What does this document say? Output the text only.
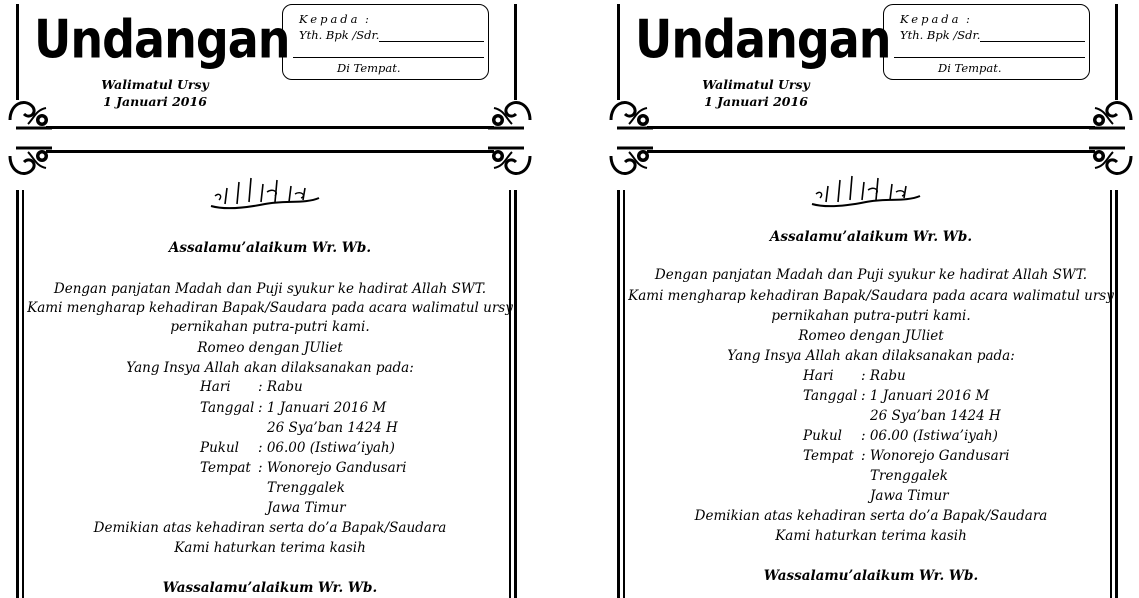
Undangan
Walimatul Ursy
1 Januari 2016
Kepada :
Yth. Bpk /Sdr.
Di Tempat.
Assalamu’alaikum Wr. Wb.
Dengan panjatan Madah dan Puji syukur ke hadirat Allah SWT.
Kami mengharap kehadiran Bapak/Saudara pada acara walimatul ursy
pernikahan putra-putri kami.
Romeo dengan JUliet
Yang Insya Allah akan dilaksanakan pada:
Hari : Rabu
Tanggal : 1 Januari 2016 M
26 Sya’ban 1424 H
Pukul : 06.00 (Istiwa’iyah)
Tempat : Wonorejo Gandusari
Trenggalek
Jawa Timur
Demikian atas kehadiran serta do’a Bapak/Saudara
Kami haturkan terima kasih
Wassalamu’alaikum Wr. Wb.
Undangan
Walimatul Ursy
1 Januari 2016
Kepada :
Yth. Bpk /Sdr.
Di Tempat.
Assalamu’alaikum Wr. Wb.
Dengan panjatan Madah dan Puji syukur ke hadirat Allah SWT.
Kami mengharap kehadiran Bapak/Saudara pada acara walimatul ursy
pernikahan putra-putri kami.
Romeo dengan JUliet
Yang Insya Allah akan dilaksanakan pada:
Hari : Rabu
Tanggal : 1 Januari 2016 M
26 Sya’ban 1424 H
Pukul : 06.00 (Istiwa’iyah)
Tempat : Wonorejo Gandusari
Trenggalek
Jawa Timur
Demikian atas kehadiran serta do’a Bapak/Saudara
Kami haturkan terima kasih
Wassalamu’alaikum Wr. Wb.
